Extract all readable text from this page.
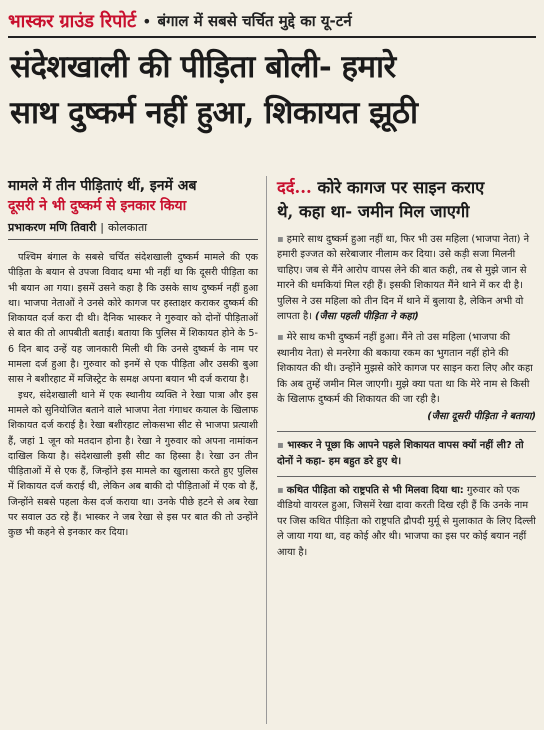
भास्कर ग्राउंड रिपोर्ट • बंगाल में सबसे चर्चित मुद्दे का यू-टर्न
संदेशखाली की पीड़िता बोली- हमारे
साथ दुष्कर्म नहीं हुआ, शिकायत झूठी
मामले में तीन पीड़िताएं थीं, इनमें अब
दूसरी ने भी दुष्कर्म से इनकार किया
प्रभाकरण मणि तिवारी | कोलकाता

पश्चिम बंगाल के सबसे चर्चित संदेशखाली दुष्कर्म मामले की एक पीड़िता के बयान से उपजा विवाद थमा भी नहीं था कि दूसरी पीड़िता का भी बयान आ गया। इसमें उसने कहा है कि उसके साथ दुष्कर्म नहीं हुआ था। भाजपा नेताओं ने उनसे कोरे कागज पर हस्ताक्षर कराकर दुष्कर्म की शिकायत दर्ज करा दी थी। दैनिक भास्कर ने गुरुवार को दोनों पीड़िताओं से बात की तो आपबीती बताई। बताया कि पुलिस में शिकायत होने के 5-6 दिन बाद उन्हें यह जानकारी मिली थी कि उनसे दुष्कर्म के नाम पर मामला दर्ज हुआ है। गुरुवार को इनमें से एक पीड़िता और उसकी बुआ सास ने बशीरहाट में मजिस्ट्रेट के समक्ष अपना बयान भी दर्ज कराया है।

इधर, संदेशखाली थाने में एक स्थानीय व्यक्ति ने रेखा पात्रा और इस मामले को सुनियोजित बताने वाले भाजपा नेता गंगाधर कयाल के खिलाफ शिकायत दर्ज कराई है। रेखा बशीरहाट लोकसभा सीट से भाजपा प्रत्याशी हैं, जहां 1 जून को मतदान होना है। रेखा ने गुरुवार को अपना नामांकन दाखिल किया है। संदेशखाली इसी सीट का हिस्सा है। रेखा उन तीन पीड़िताओं में से एक हैं, जिन्होंने इस मामले का खुलासा करते हुए पुलिस में शिकायत दर्ज कराई थी, लेकिन अब बाकी दो पीड़िताओं में एक वो हैं, जिन्होंने सबसे पहला केस दर्ज कराया था। उनके पीछे हटने से अब रेखा पर सवाल उठ रहे हैं। भास्कर ने जब रेखा से इस पर बात की तो उन्होंने कुछ भी कहने से इनकार कर दिया।

दर्द... कोरे कागज पर साइन कराए
थे, कहा था- जमीन मिल जाएगी

▪ हमारे साथ दुष्कर्म हुआ नहीं था, फिर भी उस महिला (भाजपा नेता) ने हमारी इज्जत को सरेबाजार नीलाम कर दिया। उसे कड़ी सजा मिलनी चाहिए। जब से मैंने आरोप वापस लेने की बात कही, तब से मुझे जान से मारने की धमकियां मिल रही हैं। इसकी शिकायत मैंने थाने में कर दी है। पुलिस ने उस महिला को तीन दिन में थाने में बुलाया है, लेकिन अभी वो लापता है। (जैसा पहली पीड़िता ने कहा)

▪ मेरे साथ कभी दुष्कर्म नहीं हुआ। मैंने तो उस महिला (भाजपा की स्थानीय नेता) से मनरेगा की बकाया रकम का भुगतान नहीं होने की शिकायत की थी। उन्होंने मुझसे कोरे कागज पर साइन करा लिए और कहा कि अब तुम्हें जमीन मिल जाएगी। मुझे क्या पता था कि मेरे नाम से किसी के खिलाफ दुष्कर्म की शिकायत की जा रही है।

(जैसा दूसरी पीड़िता ने बताया)
▪ भास्कर ने पूछा कि आपने पहले शिकायत वापस क्यों नहीं ली? तो दोनों ने कहा- हम बहुत डरे हुए थे।

▪ कथित पीड़िता को राष्ट्रपति से भी मिलवा दिया था: गुरुवार को एक वीडियो वायरल हुआ, जिसमें रेखा दावा करती दिख रही हैं कि उनके नाम पर जिस कथित पीड़िता को राष्ट्रपति द्रौपदी मुर्मू से मुलाकात के लिए दिल्ली ले जाया गया था, वह कोई और थी। भाजपा का इस पर कोई बयान नहीं आया है।
